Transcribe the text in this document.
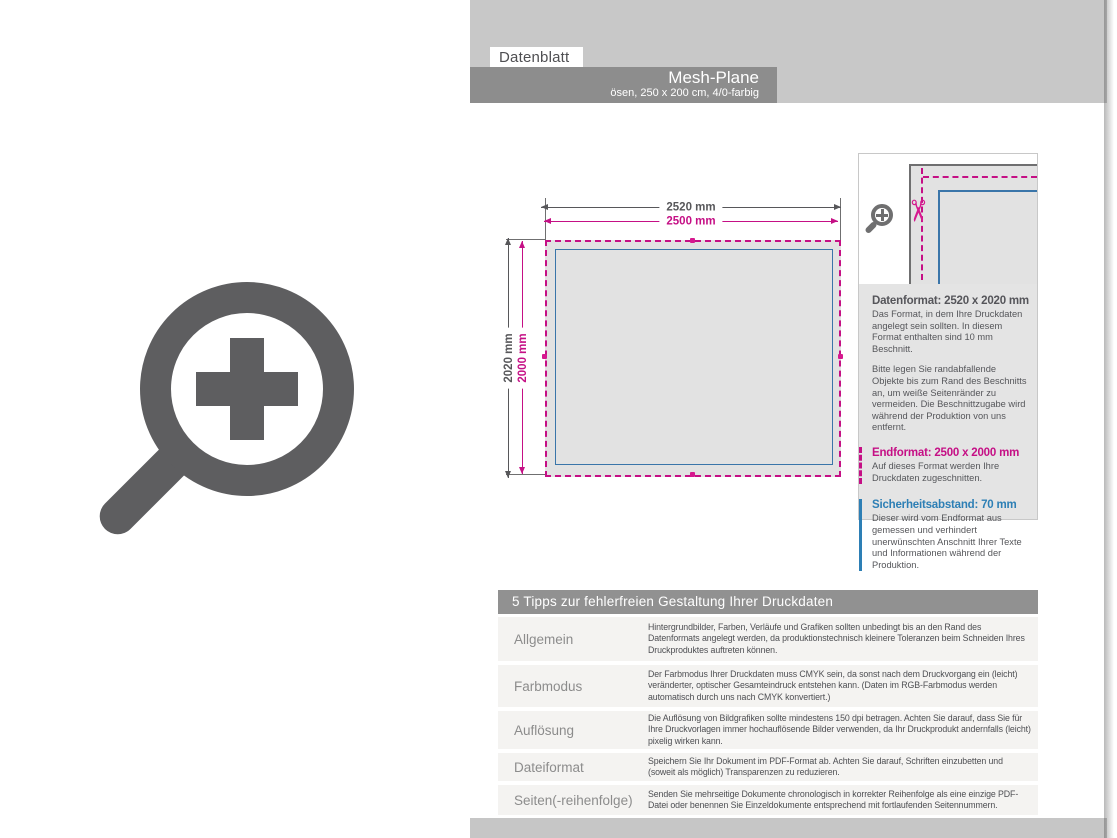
Datenblatt
Mesh-Plane
ösen, 250 x 200 cm, 4/0-farbig
2520 mm
2500 mm
2020 mm 2000 mm
✂
Datenformat: 2520 x 2020 mm

Das Format, in dem Ihre Druckdaten angelegt sein sollten. In diesem Format enthalten sind 10 mm Beschnitt.

Bitte legen Sie randabfallende Objekte bis zum Rand des Beschnitts an, um weiße Seitenränder zu vermeiden. Die Beschnittzugabe wird während der Produktion von uns entfernt.

Endformat: 2500 x 2000 mm

Auf dieses Format werden Ihre Druckdaten zugeschnitten.

Sicherheitsabstand: 70 mm

Dieser wird vom Endformat aus gemessen und verhindert unerwünschten Anschnitt Ihrer Texte und Informationen während der Produktion.

5 Tipps zur fehlerfreien Gestaltung Ihrer Druckdaten
Allgemein
Hintergrundbilder, Farben, Verläufe und Grafiken sollten unbedingt bis an den Rand des Datenformats angelegt werden, da produktionstechnisch kleinere Toleranzen beim Schneiden Ihres Druckproduktes auftreten können.
Farbmodus
Der Farbmodus Ihrer Druckdaten muss CMYK sein, da sonst nach dem Druckvorgang ein (leicht) veränderter, optischer Gesamteindruck entstehen kann. (Daten im RGB-Farbmodus werden automatisch durch uns nach CMYK konvertiert.)
Auflösung
Die Auflösung von Bildgrafiken sollte mindestens 150 dpi betragen. Achten Sie darauf, dass Sie für Ihre Druckvorlagen immer hochauflösende Bilder verwenden, da Ihr Druckprodukt andernfalls (leicht) pixelig wirken kann.
Dateiformat	Speichern Sie Ihr Dokument im PDF-Format ab. Achten Sie darauf, Schriften einzubetten und (soweit als möglich) Transparenzen zu reduzieren.
Seiten(-reihenfolge)	Senden Sie mehrseitige Dokumente chronologisch in korrekter Reihenfolge als eine einzige PDF-Datei oder benennen Sie Einzeldokumente entsprechend mit fortlaufenden Seitennummern.
